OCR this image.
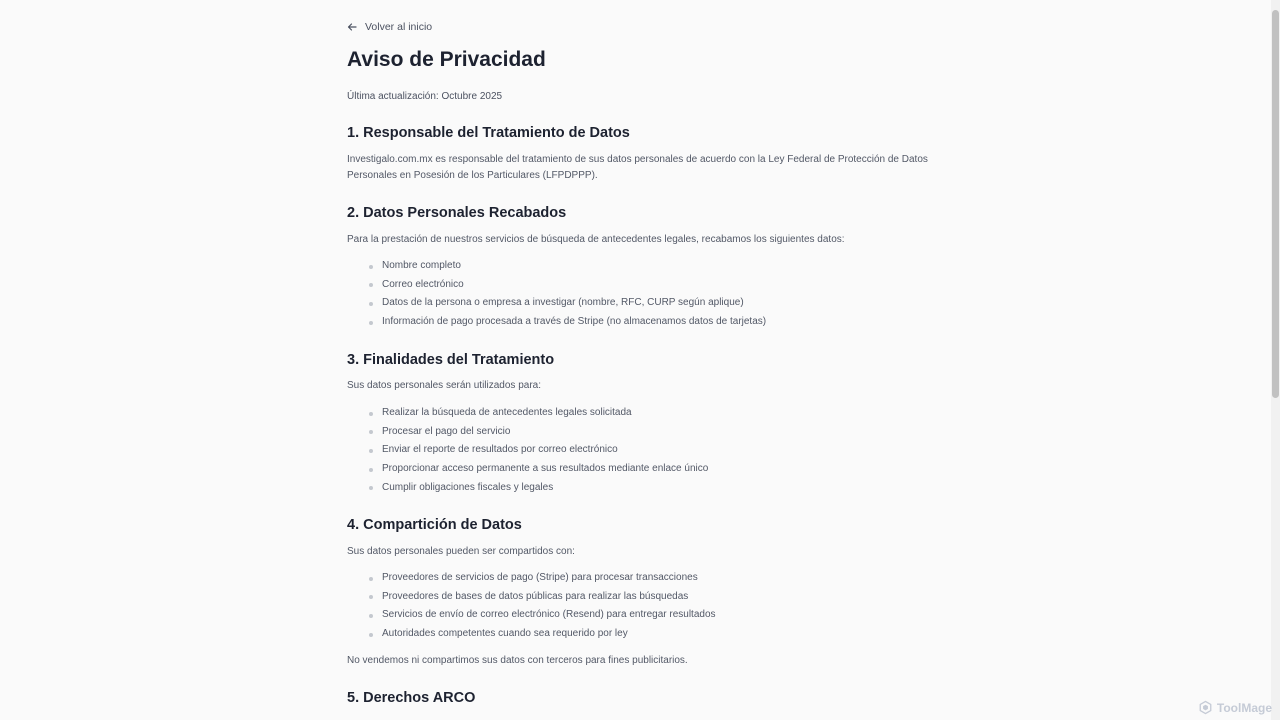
Volver al inicio
Aviso de Privacidad
Última actualización: Octubre 2025
1. Responsable del Tratamiento de Datos

Investigalo.com.mx es responsable del tratamiento de sus datos personales de acuerdo con la Ley Federal de Protección de Datos Personales en Posesión de los Particulares (LFPDPPP).

2. Datos Personales Recabados

Para la prestación de nuestros servicios de búsqueda de antecedentes legales, recabamos los siguientes datos:

Nombre completo
Correo electrónico
Datos de la persona o empresa a investigar (nombre, RFC, CURP según aplique)
Información de pago procesada a través de Stripe (no almacenamos datos de tarjetas)
3. Finalidades del Tratamiento

Sus datos personales serán utilizados para:

Realizar la búsqueda de antecedentes legales solicitada
Procesar el pago del servicio
Enviar el reporte de resultados por correo electrónico
Proporcionar acceso permanente a sus resultados mediante enlace único
Cumplir obligaciones fiscales y legales
4. Compartición de Datos

Sus datos personales pueden ser compartidos con:

Proveedores de servicios de pago (Stripe) para procesar transacciones
Proveedores de bases de datos públicas para realizar las búsquedas
Servicios de envío de correo electrónico (Resend) para entregar resultados
Autoridades competentes cuando sea requerido por ley

No vendemos ni compartimos sus datos con terceros para fines publicitarios.

5. Derechos ARCO
ToolMage
